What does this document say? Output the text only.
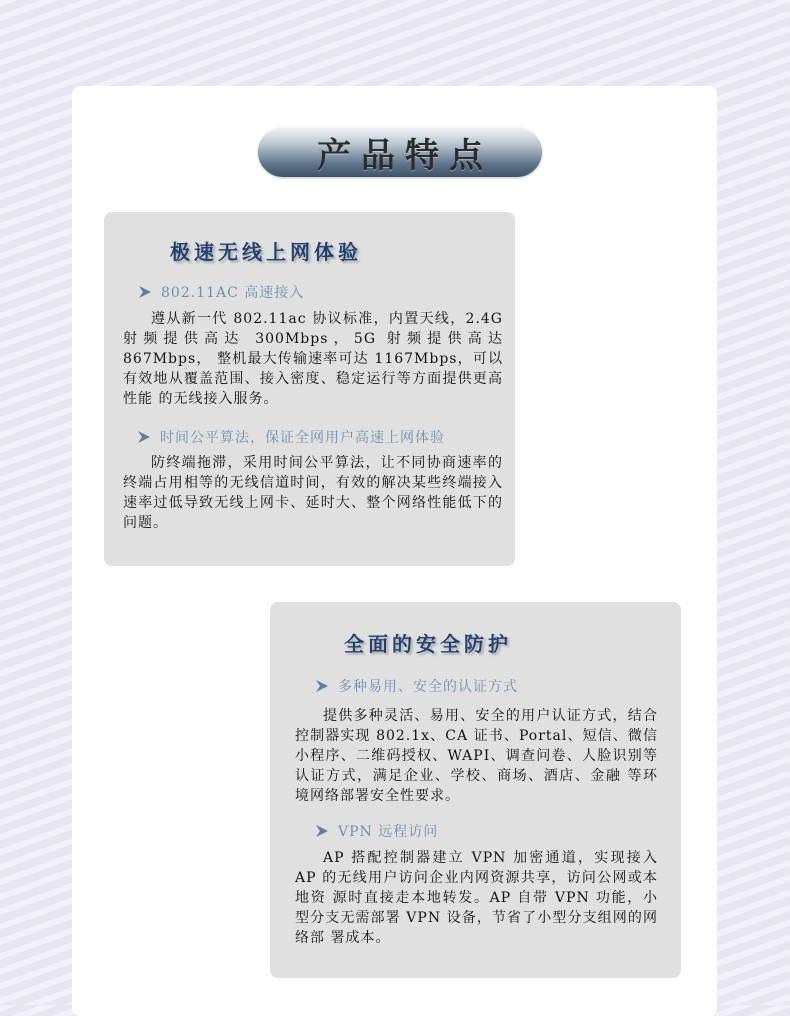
产品特点
极速无线上网体验
802.11AC 高速接入

遵从新一代 802.11ac 协议标准，内置天线，2.4G 射频提供高达 300Mbps，5G 射频提供高达 867Mbps， 整机最大传输速率可达 1167Mbps，可以有效地从覆盖范围、接入密度、稳定运行等方面提供更高性能 的无线接入服务。

时间公平算法，保证全网用户高速上网体验

防终端拖滞，采用时间公平算法，让不同协商速率的终端占用相等的无线信道时间，有效的解决某些终端接入速率过低导致无线上网卡、延时大、整个网络性能低下的问题。

全面的安全防护
多种易用、安全的认证方式

提供多种灵活、易用、安全的用户认证方式，结合控制器实现 802.1x、CA 证书、Portal、短信、微信 小程序、二维码授权、WAPI、调查问卷、人脸识别等认证方式，满足企业、学校、商场、酒店、金融 等环境网络部署安全性要求。

VPN 远程访问

AP 搭配控制器建立 VPN 加密通道，实现接入 AP 的无线用户访问企业内网资源共享，访问公网或本地资 源时直接走本地转发。AP 自带 VPN 功能，小型分支无需部署 VPN 设备，节省了小型分支组网的网络部 署成本。
